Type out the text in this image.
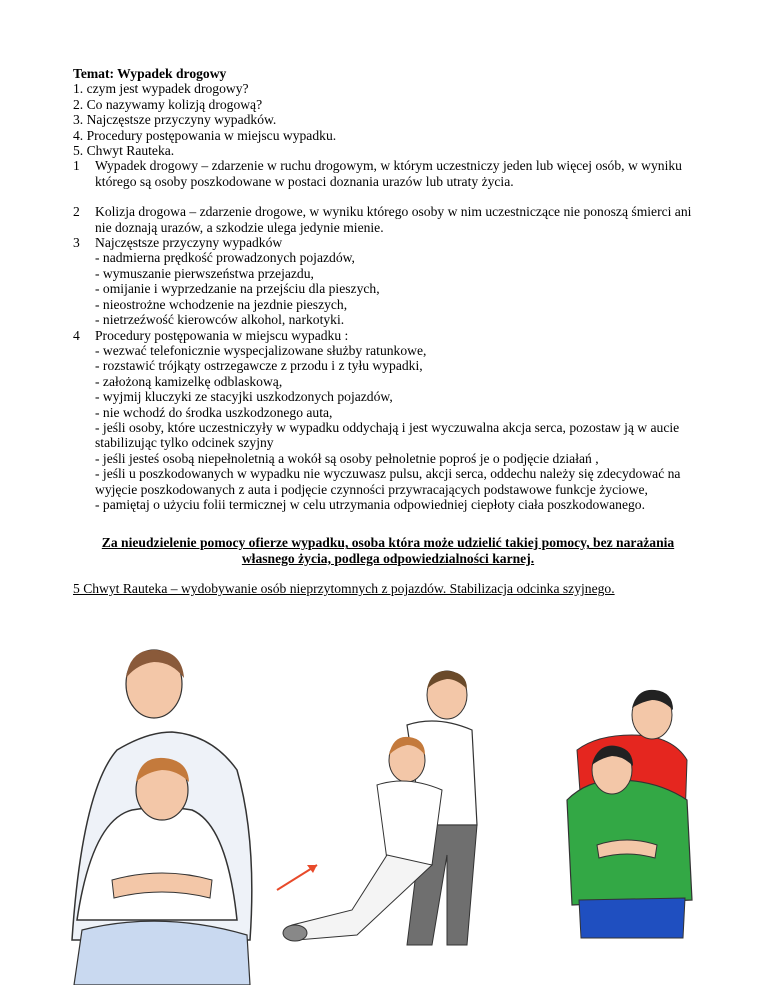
Temat: Wypadek drogowy
1. czym jest wypadek drogowy?
2. Co nazywamy kolizją drogową?
3. Najczęstsze przyczyny wypadków.
4. Procedury postępowania w miejscu wypadku.
5. Chwyt Rauteka.
1	Wypadek drogowy – zdarzenie w ruchu drogowym, w którym uczestniczy jeden lub więcej osób, w wyniku którego są osoby poszkodowane w postaci doznania urazów lub utraty życia.
2	Kolizja drogowa – zdarzenie drogowe, w wyniku którego osoby w nim uczestniczące nie ponoszą śmierci ani nie doznają urazów, a szkodzie ulega jedynie mienie.
3	Najczęstsze przyczyny wypadków
- nadmierna prędkość prowadzonych pojazdów,
- wymuszanie pierwszeństwa przejazdu,
- omijanie i wyprzedzanie na przejściu dla pieszych,
- nieostrożne wchodzenie na jezdnie pieszych,
- nietrzeźwość kierowców alkohol, narkotyki.
4	Procedury postępowania w miejscu wypadku :
- wezwać telefonicznie wyspecjalizowane służby ratunkowe,
- rozstawić trójkąty ostrzegawcze z przodu i z tyłu wypadki,
- założoną kamizelkę odblaskową,
- wyjmij kluczyki ze stacyjki uszkodzonych pojazdów,
- nie wchodź do środka uszkodzonego auta,
- jeśli osoby, które uczestniczyły w wypadku oddychają i jest wyczuwalna akcja serca, pozostaw ją w aucie stabilizując tylko odcinek szyjny
- jeśli jesteś osobą niepełnoletnią a wokół są osoby pełnoletnie poproś je o podjęcie działań ,
- jeśli u poszkodowanych w wypadku nie wyczuwasz pulsu, akcji serca, oddechu należy się zdecydować na wyjęcie poszkodowanych z auta i podjęcie czynności przywracających podstawowe funkcje życiowe,
- pamiętaj o użyciu folii termicznej w celu utrzymania odpowiedniej ciepłoty ciała poszkodowanego.
Za nieudzielenie pomocy ofierze wypadku, osoba która może udzielić takiej pomocy, bez narażania własnego życia, podlega odpowiedzialności karnej.
5 Chwyt Rauteka – wydobywanie osób nieprzytomnych z pojazdów. Stabilizacja odcinka szyjnego.
